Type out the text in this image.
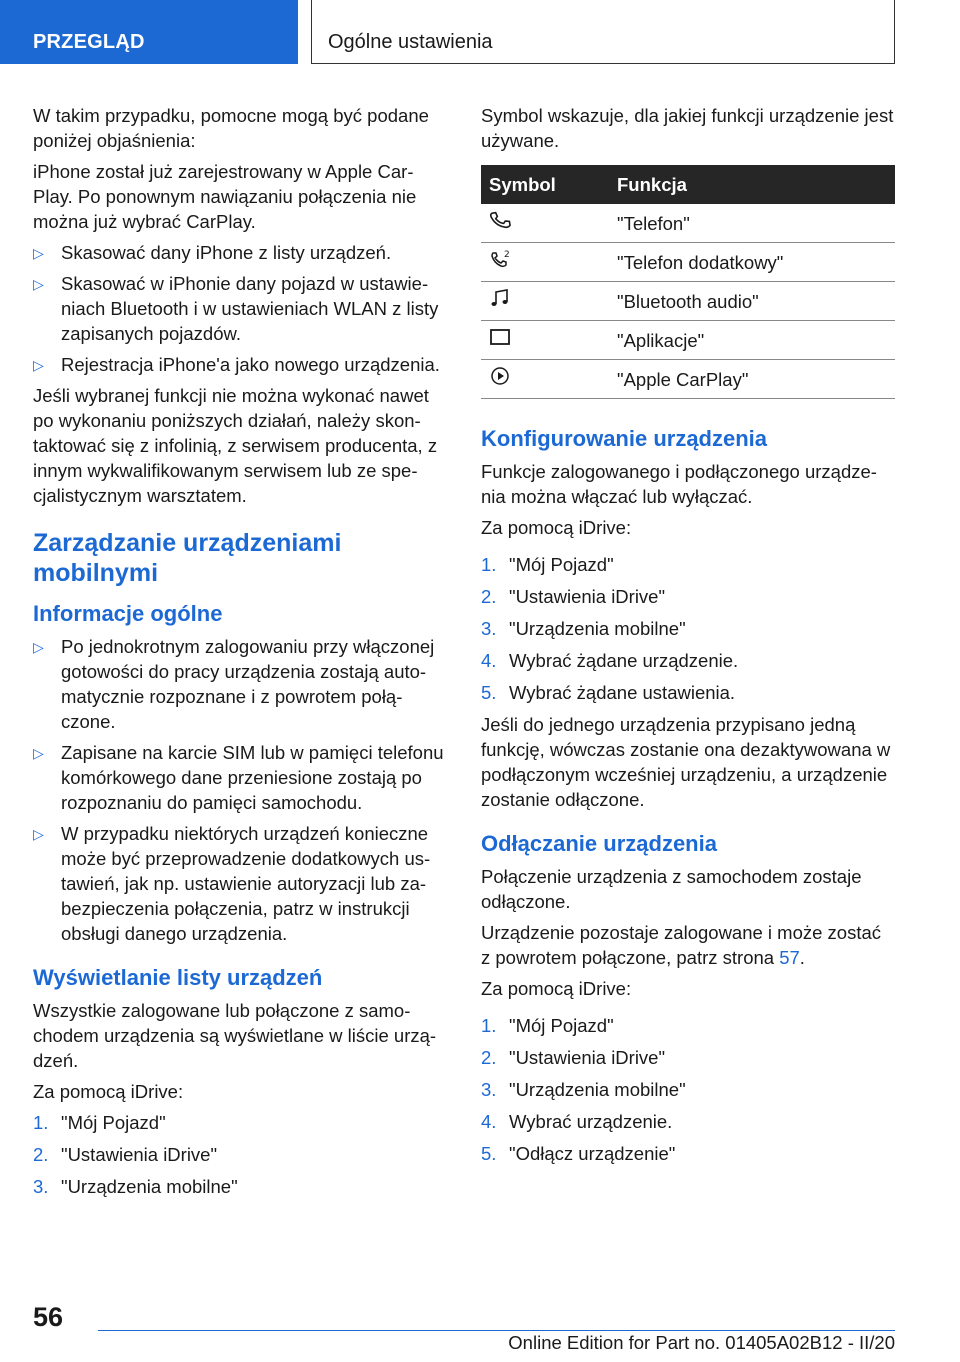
PRZEGLĄD	Ogólne ustawienia

W takim przypadku, pomocne mogą być podane poniżej objaśnienia:

iPhone został już zarejestrowany w Apple CarPlay. Po ponownym nawiązaniu połączenia nie można już wybrać CarPlay.

▷ Skasować dany iPhone z listy urządzeń.
▷ Skasować w iPhonie dany pojazd w ustawieniach Bluetooth i w ustawieniach WLAN z listy zapisanych pojazdów.
▷ Rejestracja iPhone'a jako nowego urządzenia.

Jeśli wybranej funkcji nie można wykonać nawet po wykonaniu poniższych działań, należy skontaktować się z infolinią, z serwisem producenta, z innym wykwalifikowanym serwisem lub ze specjalistycznym warsztatem.

Zarządzanie urządzeniami mobilnymi
Informacje ogólne
▷ Po jednokrotnym zalogowaniu przy włączonej gotowości do pracy urządzenia zostają automatycznie rozpoznane i z powrotem połączone.
▷ Zapisane na karcie SIM lub w pamięci telefonu komórkowego dane przeniesione zostają po rozpoznaniu do pamięci samochodu.
▷ W przypadku niektórych urządzeń konieczne może być przeprowadzenie dodatkowych ustawień, jak np. ustawienie autoryzacji lub zabezpieczenia połączenia, patrz w instrukcji obsługi danego urządzenia.
Wyświetlanie listy urządzeń

Wszystkie zalogowane lub połączone z samochodem urządzenia są wyświetlane w liście urządzeń.

Za pomocą iDrive:

1. "Mój Pojazd"
2. "Ustawienia iDrive"
3. "Urządzenia mobilne"

Symbol wskazuje, dla jakiej funkcji urządzenie jest używane.

Symbol	Funkcja
	"Telefon"

2	"Telefon dodatkowy"
	"Bluetooth audio"
	"Aplikacje"
	"Apple CarPlay"
Konfigurowanie urządzenia

Funkcje zalogowanego i podłączonego urządzenia można włączać lub wyłączać.

Za pomocą iDrive:

1. "Mój Pojazd"
2. "Ustawienia iDrive"
3. "Urządzenia mobilne"
4. Wybrać żądane urządzenie.
5. Wybrać żądane ustawienia.

Jeśli do jednego urządzenia przypisano jedną funkcję, wówczas zostanie ona dezaktywowana w podłączonym wcześniej urządzeniu, a urządzenie zostanie odłączone.

Odłączanie urządzenia

Połączenie urządzenia z samochodem zostaje odłączone.

Urządzenie pozostaje zalogowane i może zostać z powrotem połączone, patrz strona 57.

Za pomocą iDrive:

1. "Mój Pojazd"
2. "Ustawienia iDrive"
3. "Urządzenia mobilne"
4. Wybrać urządzenie.
5. "Odłącz urządzenie"
56
Online Edition for Part no. 01405A02B12 - II/20
